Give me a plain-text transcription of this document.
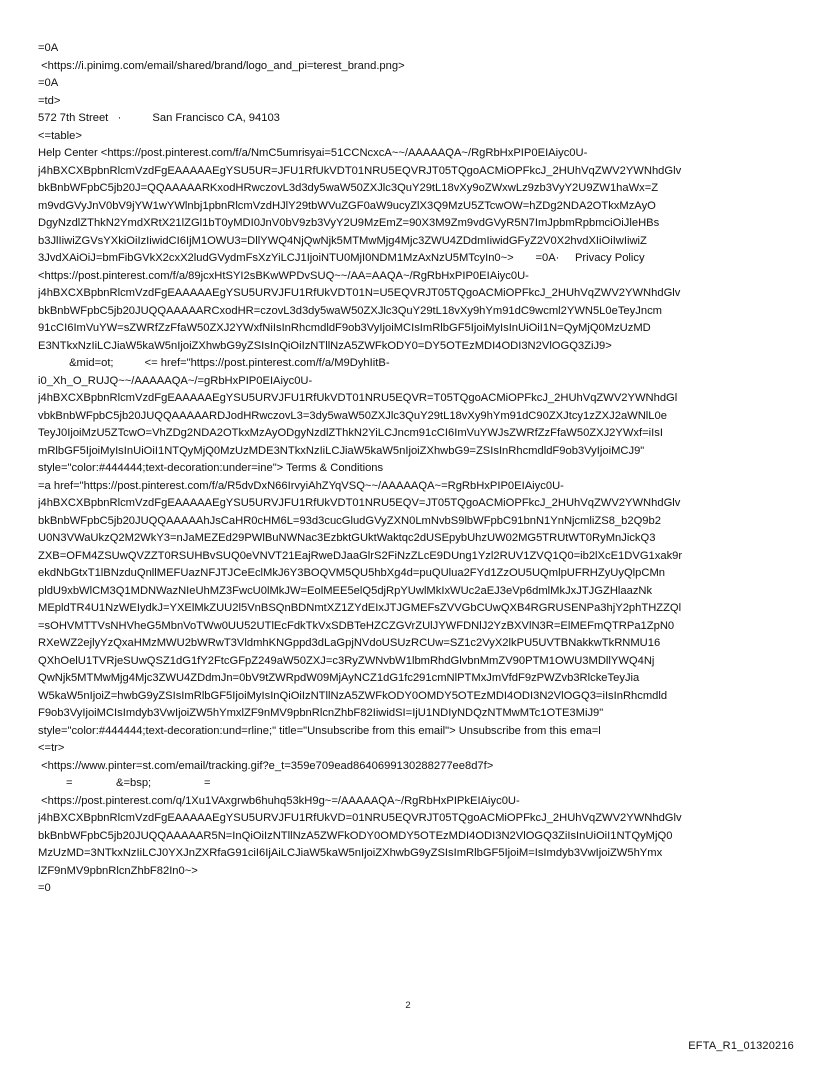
=0A
<https://i.pinimg.com/email/shared/brand/logo_and_pi=terest_brand.png>
=0A
=td>
572 7th Street   ·          San Francisco CA, 94103
<=table>
Help Center <https://post.pinterest.com/f/a/NmC5umrisyai=51CCNcxcA~~/AAAAAQA~/RgRbHxPIP0EIAiyc0U-
j4hBXCXBpbnRlcmVzdFgEAAAAAEgYSU5UR=JFU1RfUkVDT01NRU5EQVRJT05TQgoACMiOPFkcJ_2HUhVqZWV2YWNhdGlv
bkBnbWFpbC5jb20J=QQAAAAARKxodHRwczovL3d3dy5waW50ZXJlc3QuY29tL18vXy9oZWxwLz9zb3VyY2U9ZW1haWx=Z
m9vdGVyJnV0bV9jYW1wYWlnbj1pbnRlcmVzdHJlY29tbWVuZGF0aW9ucyZlX3Q9MzU5ZTcwOW=hZDg2NDA2OTkxMzAyO
DgyNzdlZThkN2YmdXRtX21lZGl1bT0yMDI0JnV0bV9zb3VyY2U9MzEmZ=90X3M9Zm9vdGVyR5N7ImJpbmRpbmciOiJleHBs
b3JlIiwiZGVsYXkiOiIzIiwidCI6IjM1OWU3=DllYWQ4NjQwNjk5MTMwMjg4Mjc3ZWU4ZDdmIiwidGFyZ2V0X2hvdXIiOiIwIiwiZ
3JvdXAiOiJ=bmFibGVkX2cxX2ludGVydmFsXzYiLCJ1IjoiNTU0MjI0NDM1MzAxNzU5MTcyIn0~>       =0A·     Privacy Policy
<https://post.pinterest.com/f/a/89jcxHtSYI2sBKwWPDvSUQ~~/AA=AAQA~/RgRbHxPIP0EIAiyc0U-
j4hBXCXBpbnRlcmVzdFgEAAAAAEgYSU5URVJFU1RfUkVDT01N=U5EQVRJT05TQgoACMiOPFkcJ_2HUhVqZWV2YWNhdGlv
bkBnbWFpbC5jb20JUQQAAAAARCxodHR=czovL3d3dy5waW50ZXJlc3QuY29tL18vXy9hYm91dC9wcml2YWN5L0eTeyJncm
91cCI6ImVuYW=sZWRfZzFfaW50ZXJ2YWxfNiIsInRhcmdldF9ob3VyIjoiMCIsImRlbGF5IjoiMyIsInUiOiI1N=QyMjQ0MzUzMD
E3NTkxNzIiLCJiaW5kaW5nIjoiZXhwbG9yZSIsInQiOiIzNTllNzA5ZWFkODY0=DY5OTEzMDI4ODI3N2VlOGQ3ZiJ9>
&mid=ot;          <= href="https://post.pinterest.com/f/a/M9DyhIitB-
i0_Xh_O_RUJQ~~/AAAAAQA~/=gRbHxPIP0EIAiyc0U-
j4hBXCXBpbnRlcmVzdFgEAAAAAEgYSU5URVJFU1RfUkVDT01NRU5EQVR=T05TQgoACMiOPFkcJ_2HUhVqZWV2YWNhdGl
vbkBnbWFpbC5jb20JUQQAAAAARDJodHRwczovL3=3dy5waW50ZXJlc3QuY29tL18vXy9hYm91dC90ZXJtcy1zZXJ2aWNlL0e
TeyJ0IjoiMzU5ZTcwO=VhZDg2NDA2OTkxMzAyODgyNzdlZThkN2YiLCJncm91cCI6ImVuYWJsZWRfZzFfaW50ZXJ2YWxf=iIsI
mRlbGF5IjoiMyIsInUiOiI1NTQyMjQ0MzUzMDE3NTkxNzIiLCJiaW5kaW5nIjoiZXhwbG9=ZSIsInRhcmdldF9ob3VyIjoiMCJ9"
style="color:#444444;text-decoration:under=ine"> Terms & Conditions
=a href="https://post.pinterest.com/f/a/R5dvDxN66IrvyiAhZYqVSQ~~/AAAAAQA~=RgRbHxPIP0EIAiyc0U-
j4hBXCXBpbnRlcmVzdFgEAAAAAEgYSU5URVJFU1RfUkVDT01NRU5EQV=JT05TQgoACMiOPFkcJ_2HUhVqZWV2YWNhdGlv
bkBnbWFpbC5jb20JUQQAAAAAhJsCaHR0cHM6L=93d3cucGludGVyZXN0LmNvbS9lbWFpbC91bnN1YnNjcmliZS8_b2Q9b2
U0N3VWaUkzQ2M2WkY3=nJaMEZEd29PWlBuNWNac3EzbktGUktWaktqc2dUSEpybUhzUW02MG5TRUtWT0RyMnJickQ3
ZXB=OFM4ZSUwQVZZT0RSUHBvSUQ0eVNVT21EajRweDJaaGlrS2FiNzZLcE9DUng1Yzl2RUV1ZVQ1Q0=ib2lXcE1DVG1xak9r
ekdNbGtxT1lBNzduQnllMEFUazNFJTJCeEclMkJ6Y3BOQVM5QU5hbXg4d=puQUlua2FYd1ZzOU5UQmlpUFRHZyUyQlpCMn
pldU9xbWlCM3Q1MDNWazNIeUhMZ3FwcU0lMkJW=EolMEE5elQ5djRpYUwlMkIxWUc2aEJ3eVp6dmlMkJxJTJGZHlaazNk
MEpldTR4U1NzWEIydkJ=YXElMkZUU2l5VnBSQnBDNmtXZ1ZYdEIxJTJGMEFsZVVGbCUwQXB4RGRUSENPa3hjY2phTHZZQl
=sOHVMTTVsNHVheG5MbnVoTWw0UU52UTlEcFdkTkVxSDBTeHZCZGVrZUlJYWFDNlJ2YzBXVlN3R=ElMEFmQTRPa1ZpN0
RXeWZ2ejlyYzQxaHMzMWU2bWRwT3VldmhKNGppd3dLaGpjNVdoUSUzRCUw=SZ1c2VyX2lkPU5UVTBNakkwTkRNMU16
QXhOelU1TVRjeSUwQSZ1dG1fY2FtcGFpZ249aW50ZXJ=c3RyZWNvbW1lbmRhdGlvbnMmZV90PTM1OWU3MDllYWQ4Nj
QwNjk5MTMwMjg4Mjc3ZWU4ZDdmJn=0bV9tZWRpdW09MjAyNCZ1dG1fc291cmNlPTMxJmVfdF9zPWZvb3RlckeTeyJia
W5kaW5nIjoiZ=hwbG9yZSIsImRlbGF5IjoiMyIsInQiOiIzNTllNzA5ZWFkODY0OMDY5OTEzMDI4ODI3N2VlOGQ3=iIsInRhcmdld
F9ob3VyIjoiMCIsImdyb3VwIjoiZW5hYmxlZF9nMV9pbnRlcnZhbF82IiwidSI=IjU1NDIyNDQzNTMwMTc1OTE3MiJ9"
style="color:#444444;text-decoration:und=rline;" title="Unsubscribe from this email"> Unsubscribe from this ema=l
<=tr>
<https://www.pinter=st.com/email/tracking.gif?e_t=359e709ead8640699130288277ee8d7f>
=              &=bsp;                 =
<https://post.pinterest.com/q/1Xu1VAxgrwb6huhq53kH9g~=/AAAAAQA~/RgRbHxPIPkEIAiyc0U-
j4hBXCXBpbnRlcmVzdFgEAAAAAEgYSU5URVJFU1RfUkVD=01NRU5EQVRJT05TQgoACMiOPFkcJ_2HUhVqZWV2YWNhdGlv
bkBnbWFpbC5jb20JUQQAAAAAR5N=InQiOiIzNTllNzA5ZWFkODY0OMDY5OTEzMDI4ODI3N2VlOGQ3ZiIsInUiOiI1NTQyMjQ0
MzUzMD=3NTkxNzIiLCJ0YXJnZXRfaG91ciI6IjAiLCJiaW5kaW5nIjoiZXhwbG9yZSIsImRlbGF5IjoiM=IsImdyb3VwIjoiZW5hYmx
lZF9nMV9pbnRlcnZhbF82In0~>
=0
2
EFTA_R1_01320216
